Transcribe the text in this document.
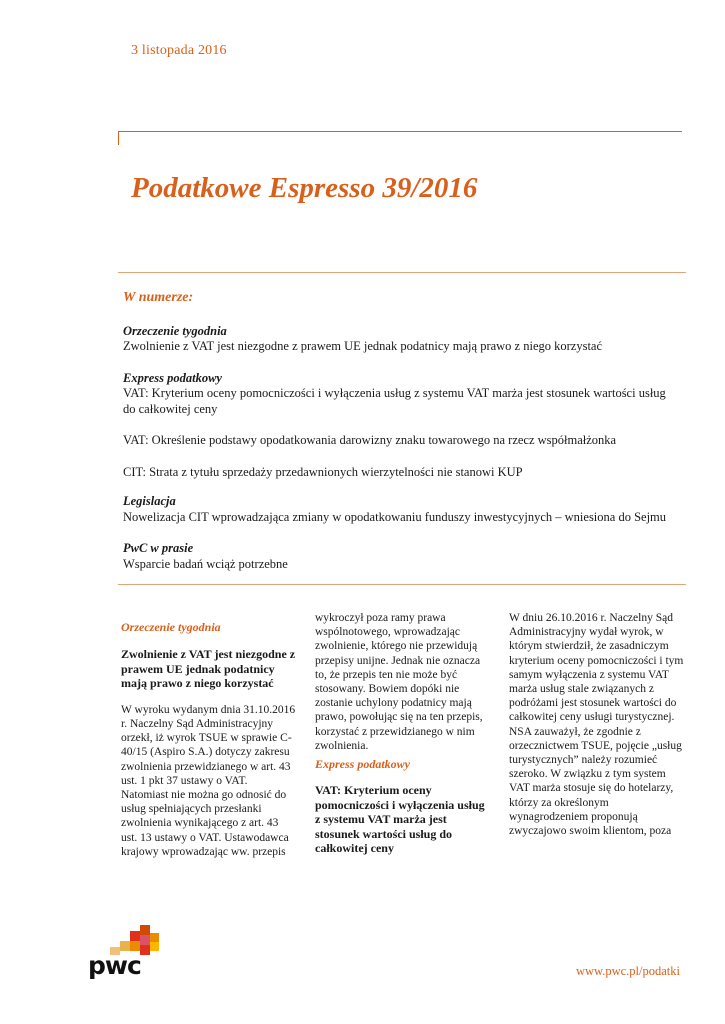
3 listopada 2016
Podatkowe Espresso 39/2016
W numerze:
Orzeczenie tygodnia
Zwolnienie z VAT jest niezgodne z prawem UE jednak podatnicy mają prawo z niego korzystać
Express podatkowy
VAT: Kryterium oceny pomocniczości i wyłączenia usług z systemu VAT marża jest stosunek wartości usług do całkowitej ceny
VAT: Określenie podstawy opodatkowania darowizny znaku towarowego na rzecz współmałżonka
CIT: Strata z tytułu sprzedaży przedawnionych wierzytelności nie stanowi KUP
Legislacja
Nowelizacja CIT wprowadzająca zmiany w opodatkowaniu funduszy inwestycyjnych – wniesiona do Sejmu
PwC w prasie
Wsparcie badań wciąż potrzebne
Orzeczenie tygodnia
Zwolnienie z VAT jest niezgodne z prawem UE jednak podatnicy mają prawo z niego korzystać

W wyroku wydanym dnia 31.10.2016 r. Naczelny Sąd Administracyjny orzekł, iż wyrok TSUE w sprawie C-40/15 (Aspiro S.A.) dotyczy zakresu zwolnienia przewidzianego w art. 43 ust. 1 pkt 37 ustawy o VAT. Natomiast nie można go odnosić do usług spełniających przesłanki zwolnienia wynikającego z art. 43 ust. 13 ustawy o VAT. Ustawodawca krajowy wprowadzając ww. przepis

wykroczył poza ramy prawa wspólnotowego, wprowadzając zwolnienie, którego nie przewidują przepisy unijne. Jednak nie oznacza to, że przepis ten nie może być stosowany. Bowiem dopóki nie zostanie uchylony podatnicy mają prawo, powołując się na ten przepis, korzystać z przewidzianego w nim zwolnienia.

Express podatkowy
VAT: Kryterium oceny pomocniczości i wyłączenia usług z systemu VAT marża jest stosunek wartości usług do całkowitej ceny

W dniu 26.10.2016 r. Naczelny Sąd Administracyjny wydał wyrok, w którym stwierdził, że zasadniczym kryterium oceny pomocniczości i tym samym wyłączenia z systemu VAT marża usług stale związanych z podróżami jest stosunek wartości do całkowitej ceny usługi turystycznej. NSA zauważył, że zgodnie z orzecznictwem TSUE, pojęcie „usług turystycznych” należy rozumieć szeroko. W związku z tym system VAT marża stosuje się do hotelarzy, którzy za określonym wynagrodzeniem proponują zwyczajowo swoim klientom, poza

pwc	www.pwc.pl/podatki
